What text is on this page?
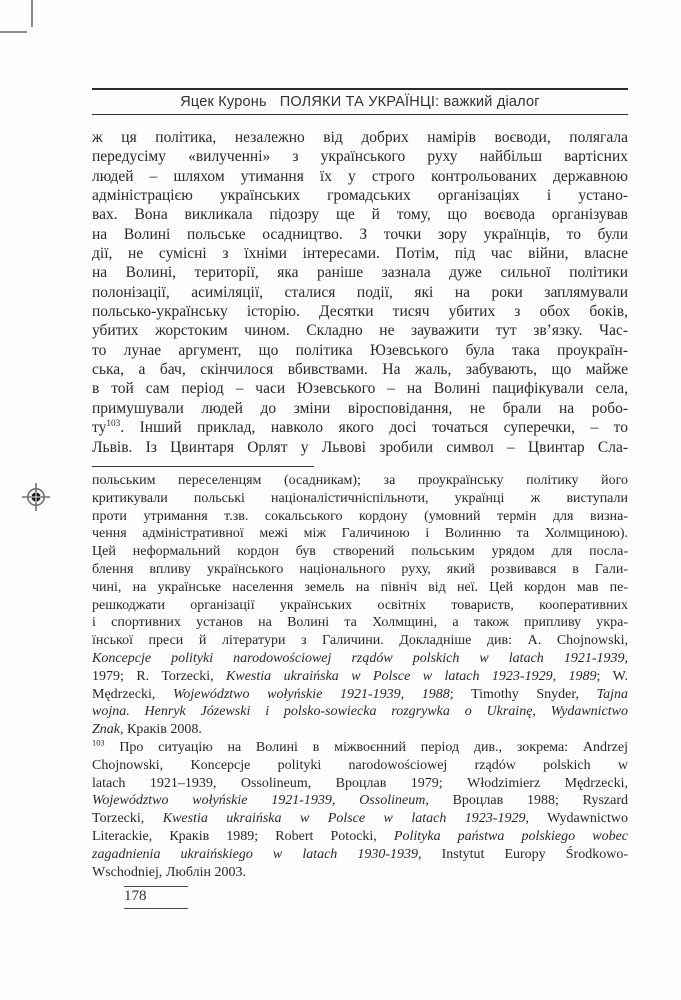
Яцек Куронь ПОЛЯКИ ТА УКРАЇНЦІ: важкий діалог
ж ця політика, незалежно від добрих намірів воєводи, полягала
передусіму «вилученні» з українського руху найбільш вартісних
людей – шляхом утимання їх у строго контрольованих державною
адміністрацією українських громадських організаціях і устано-
вах. Вона викликала підозру ще й тому, що воєвода організував
на Волині польське осадництво. З точки зору українців, то були
дії, не сумісні з їхніми інтересами. Потім, під час війни, власне
на Волині, території, яка раніше зазнала дуже сильної політики
полонізації, асиміляції, сталися події, які на роки заплямували
польсько-українську історію. Десятки тисяч убитих з обох боків,
убитих жорстоким чином. Складно не зауважити тут зв’язку. Час-
то лунае аргумент, що політика Юзевського була така проукраїн-
ська, а бач, скінчилося вбивствами. На жаль, забувають, що майже
в той сам період – часи Юзевського – на Волині пацифікували села,
примушували людей до зміни віросповідання, не брали на робо-
$ту^{103}$. Інший приклад, навколо якого досі точаться суперечки, – то
Львів. Із Цвинтаря Орлят у Львові зробили символ – Цвинтар Сла-
польським переселенцям (осадникам); за проукраїнську політику його
критикували польські націоналістичніспільноти, українці ж виступали
проти утримання т.зв. сокальського кордону (умовний термін для визна-
чення адміністративної межі між Галичиною і Волинню та Холмщиною).
Цей неформальний кордон був створений польським урядом для посла-
блення впливу українського національного руху, який розвивався в Гали-
чині, на українське населення земель на північ від неї. Цей кордон мав пе-
решкоджати організації українських освітніх товариств, кооперативних
і спортивних установ на Волині та Холмщині, а також припливу укра-
їнської преси й літератури з Галичини. Докладніше див: A. Chojnowski,
Koncepcje polityki narodowościowej rządów polskich w latach 1921-1939,
1979; R. Torzecki, Kwestia ukraińska w Polsce w latach 1923-1929, 1989; W.
Mędrzecki, Województwo wołyńskie 1921-1939, 1988; Timothy Snyder, Tajna
wojna. Henryk Józewski i polsko-sowiecka rozgrywka o Ukrainę, Wydawnictwo
Znak, Краків 2008.
$^{103}$ Про ситуацію на Волині в міжвоєнний період див., зокрема: Andrzej
Chojnowski, Koncepcje polityki narodowościowej rządów polskich w
latach 1921–1939, Ossolineum, Вроцлав 1979; Włodzimierz Mędrzecki,
Województwo wołyńskie 1921-1939, Ossolineum, Вроцлав 1988; Ryszard
Torzecki, Kwestia ukraińska w Polsce w latach 1923-1929, Wydawnictwo
Literackie, Краків 1989; Robert Potocki, Polityka państwa polskiego wobec
zagadnienia ukraińskiego w latach 1930-1939, Instytut Europy Środkowo-
Wschodniej, Люблін 2003.
178
